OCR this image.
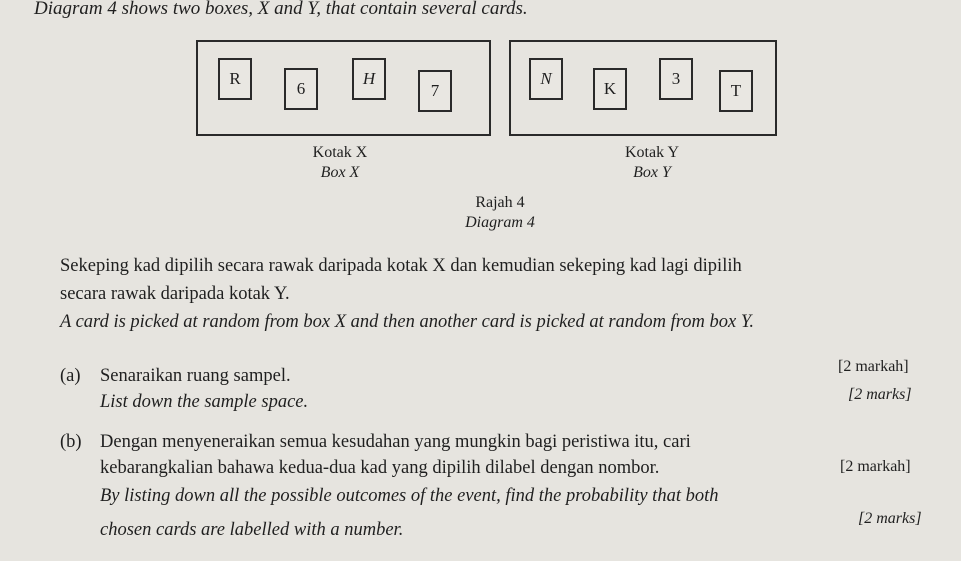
Diagram 4 shows two boxes, X and Y, that contain several cards.
R
6
H
7
N
K
3
T
Kotak X
Box X
Kotak Y
Box Y
Rajah 4
Diagram 4
Sekeping kad dipilih secara rawak daripada kotak X dan kemudian sekeping kad lagi dipilih
secara rawak daripada kotak Y.
A card is picked at random from box X and then another card is picked at random from box Y.
(a) Senaraikan ruang sampel.
List down the sample space.
[2 markah]
[2 marks]
(b) Dengan menyeneraikan semua kesudahan yang mungkin bagi peristiwa itu, cari
kebarangkalian bahawa kedua-dua kad yang dipilih dilabel dengan nombor.	[2 markah]
By listing down all the possible outcomes of the event, find the probability that both
chosen cards are labelled with a number.
[2 marks]
